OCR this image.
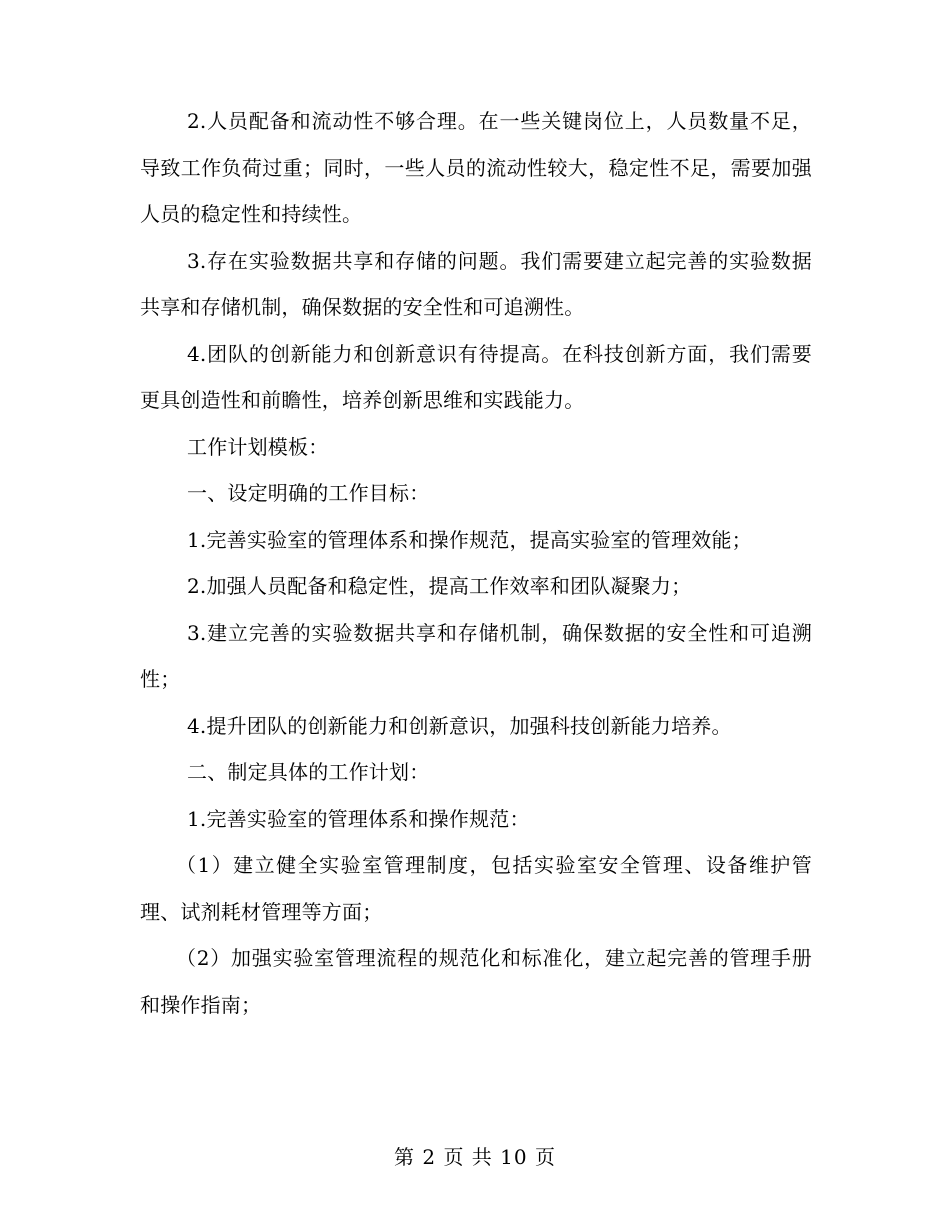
2.人员配备和流动性不够合理。在一些关键岗位上，人员数量不足，导致工作负荷过重；同时，一些人员的流动性较大，稳定性不足，需要加强人员的稳定性和持续性。

3.存在实验数据共享和存储的问题。我们需要建立起完善的实验数据共享和存储机制，确保数据的安全性和可追溯性。

4.团队的创新能力和创新意识有待提高。在科技创新方面，我们需要更具创造性和前瞻性，培养创新思维和实践能力。

工作计划模板：

一、设定明确的工作目标：

1.完善实验室的管理体系和操作规范，提高实验室的管理效能；

2.加强人员配备和稳定性，提高工作效率和团队凝聚力；

3.建立完善的实验数据共享和存储机制，确保数据的安全性和可追溯性；

4.提升团队的创新能力和创新意识，加强科技创新能力培养。

二、制定具体的工作计划：

1.完善实验室的管理体系和操作规范：

（1）建立健全实验室管理制度，包括实验室安全管理、设备维护管理、试剂耗材管理等方面；

（2）加强实验室管理流程的规范化和标准化，建立起完善的管理手册和操作指南；

第 2 页 共 10 页
